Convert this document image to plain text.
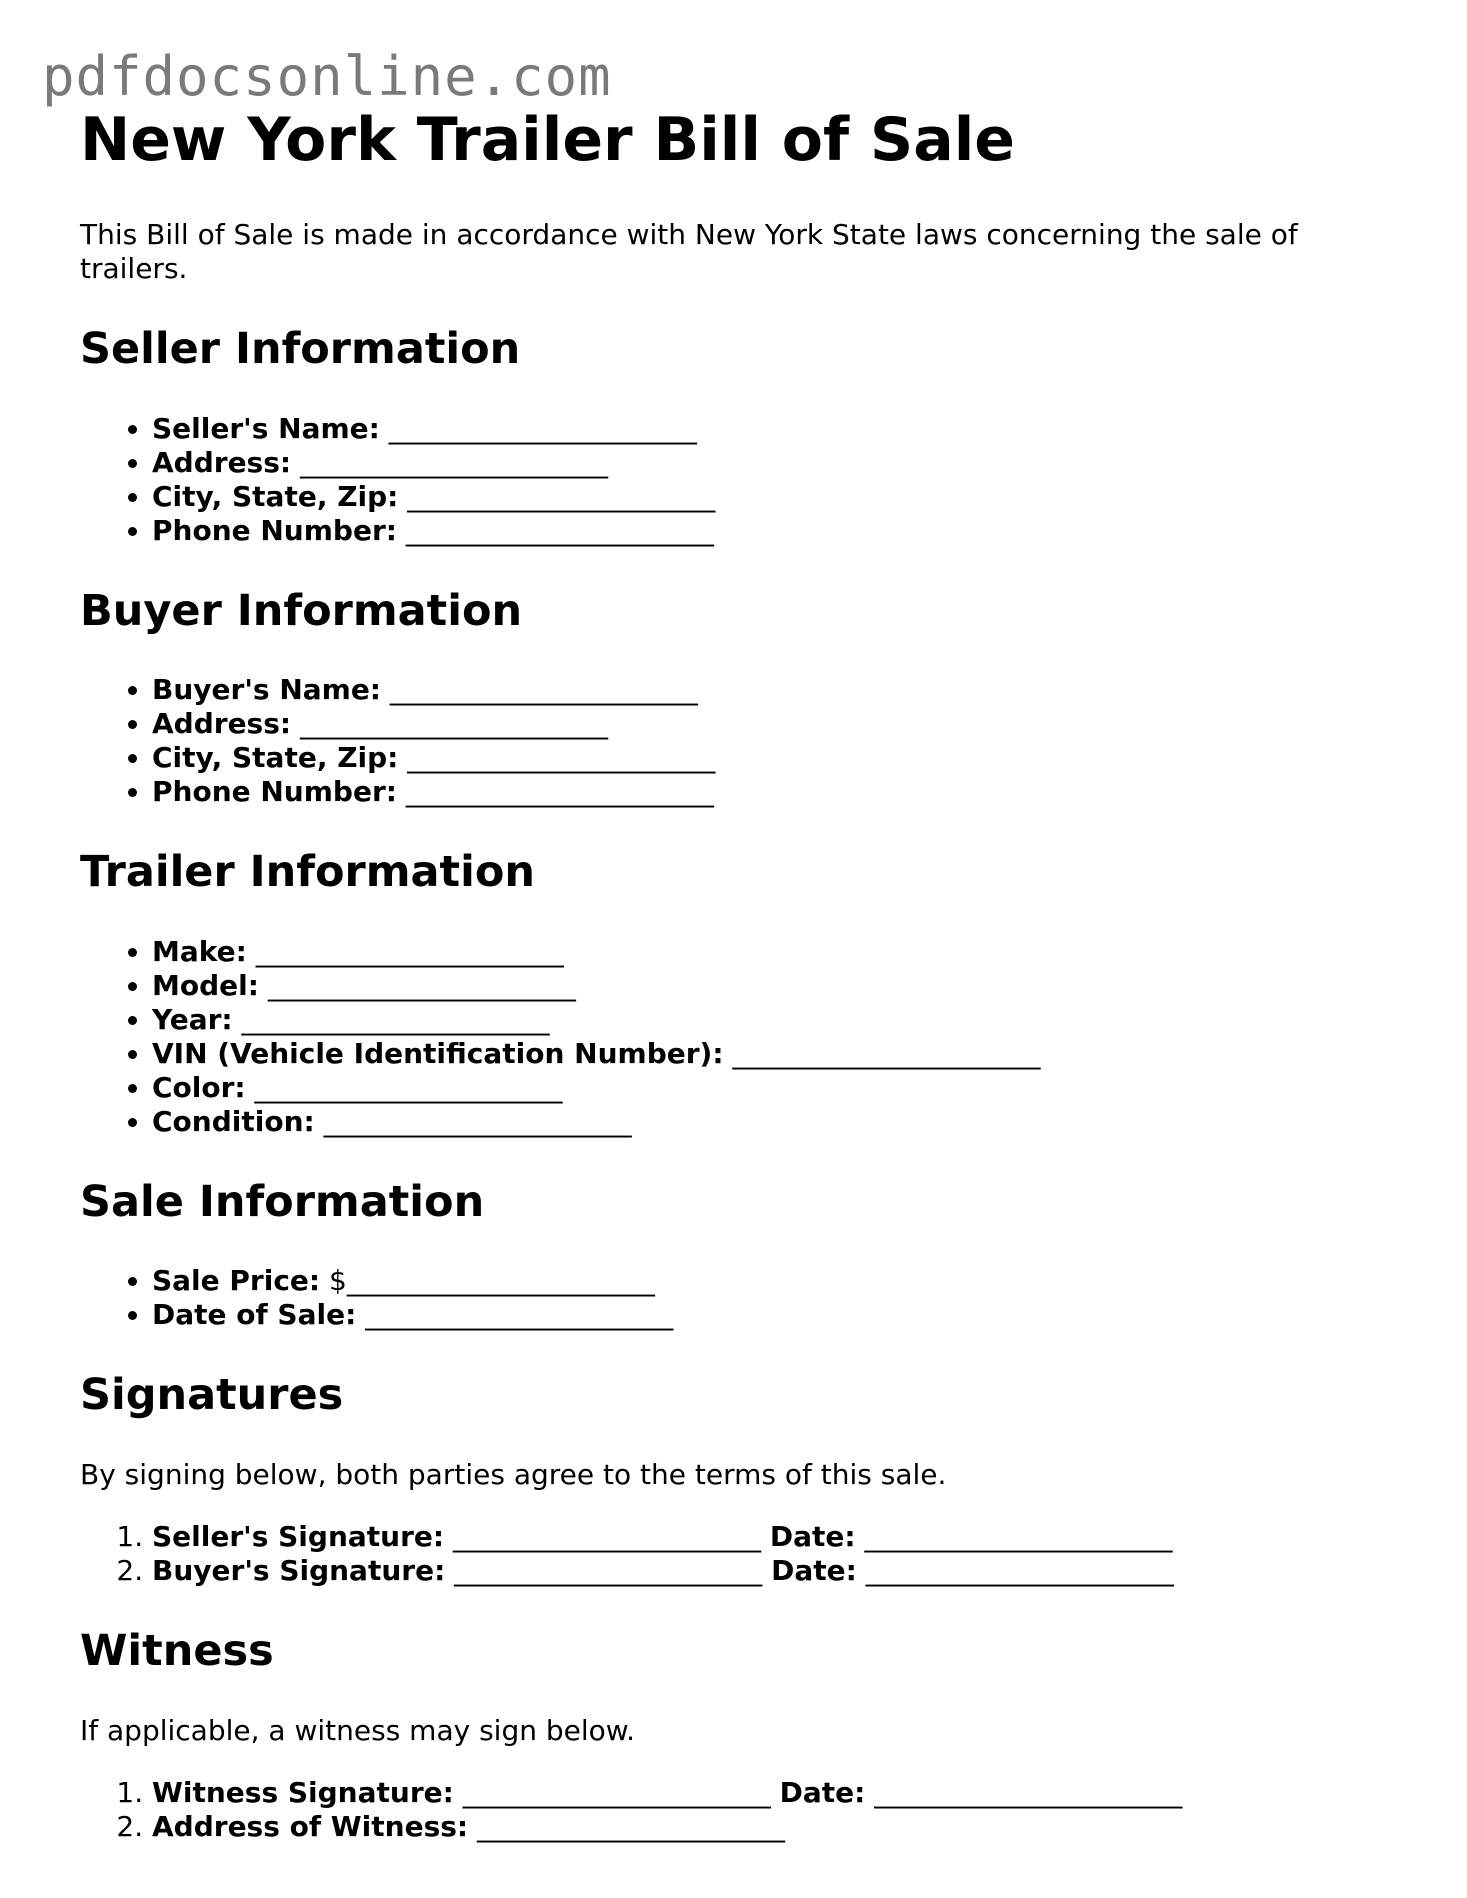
pdfdocsonline.com
New York Trailer Bill of Sale

This Bill of Sale is made in accordance with New York State laws concerning the sale of trailers.

Seller Information
• Seller's Name: ______________________
• Address: ______________________
• City, State, Zip: ______________________
• Phone Number: ______________________
Buyer Information
• Buyer's Name: ______________________
• Address: ______________________
• City, State, Zip: ______________________
• Phone Number: ______________________
Trailer Information
• Make: ______________________
• Model: ______________________
• Year: ______________________
• VIN (Vehicle Identification Number): ______________________
• Color: ______________________
• Condition: ______________________
Sale Information
• Sale Price: $______________________
• Date of Sale: ______________________
Signatures

By signing below, both parties agree to the terms of this sale.

1. Seller's Signature: ______________________ Date: ______________________
2. Buyer's Signature: ______________________ Date: ______________________
Witness

If applicable, a witness may sign below.

1. Witness Signature: ______________________ Date: ______________________
2. Address of Witness: ______________________
